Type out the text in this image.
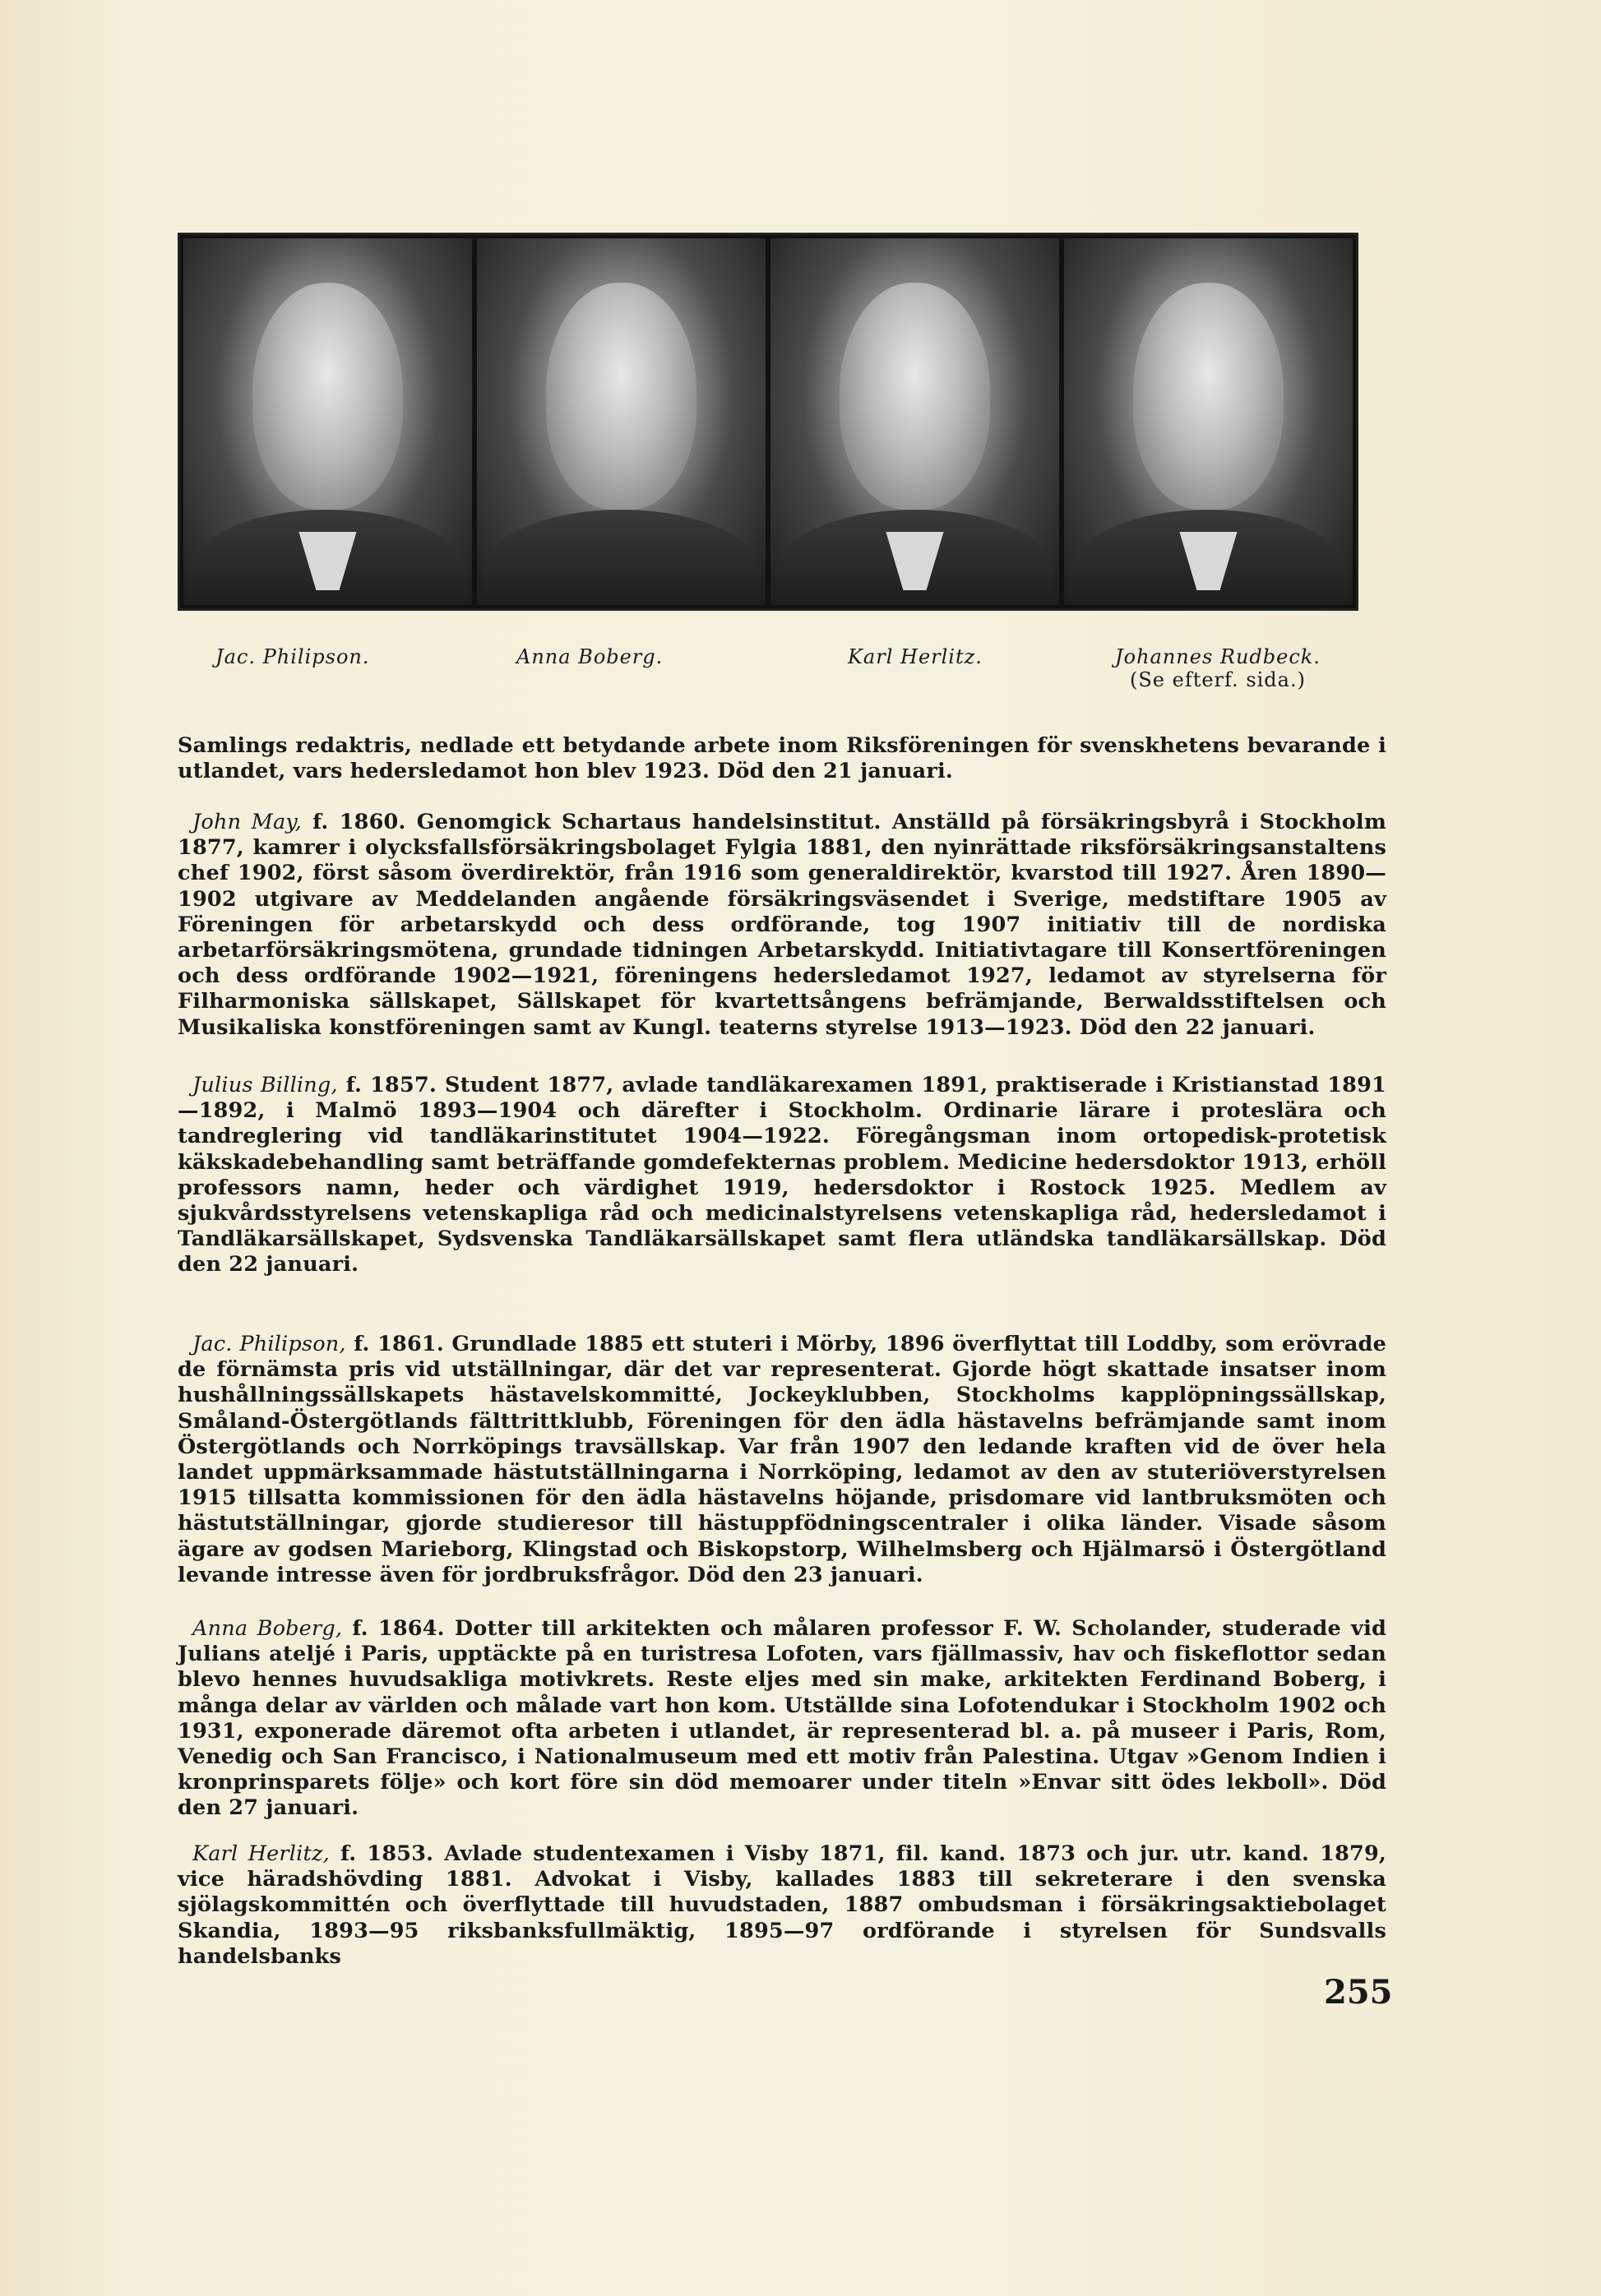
Jac. Philipson.	Anna Boberg.	Karl Herlitz.	Johannes Rudbeck.
(Se efterf. sida.)
Samlings redaktris, nedlade ett betydande arbete inom Riksföreningen för svenskhetens bevarande i utlandet, vars hedersledamot hon blev 1923. Död den 21 januari.
John May, f. 1860. Genomgick Schartaus handelsinstitut. Anställd på försäkringsbyrå i Stockholm 1877, kamrer i olycksfallsförsäkringsbolaget Fylgia 1881, den nyinrättade riksförsäkringsanstaltens chef 1902, först såsom överdirektör, från 1916 som generaldirektör, kvarstod till 1927. Åren 1890—1902 utgivare av Meddelanden angående försäkringsväsendet i Sverige, medstiftare 1905 av Föreningen för arbetarskydd och dess ordförande, tog 1907 initiativ till de nordiska arbetarförsäkringsmötena, grundade tidningen Arbetarskydd. Initiativtagare till Konsertföreningen och dess ordförande 1902—1921, föreningens hedersledamot 1927, ledamot av styrelserna för Filharmoniska sällskapet, Sällskapet för kvartettsångens befrämjande, Berwaldsstiftelsen och Musikaliska konstföreningen samt av Kungl. teaterns styrelse 1913—1923. Död den 22 januari.
Julius Billing, f. 1857. Student 1877, avlade tandläkarexamen 1891, praktiserade i Kristianstad 1891—1892, i Malmö 1893—1904 och därefter i Stockholm. Ordinarie lärare i proteslära och tandreglering vid tandläkarinstitutet 1904—1922. Föregångsman inom ortopedisk-protetisk käkskadebehandling samt beträffande gomdefekternas problem. Medicine hedersdoktor 1913, erhöll professors namn, heder och värdighet 1919, hedersdoktor i Rostock 1925. Medlem av sjukvårdsstyrelsens vetenskapliga råd och medicinalstyrelsens vetenskapliga råd, hedersledamot i Tandläkarsällskapet, Sydsvenska Tandläkarsällskapet samt flera utländska tandläkarsällskap. Död den 22 januari.
Jac. Philipson, f. 1861. Grundlade 1885 ett stuteri i Mörby, 1896 överflyttat till Loddby, som erövrade de förnämsta pris vid utställningar, där det var representerat. Gjorde högt skattade insatser inom hushållningssällskapets hästavelskommitté, Jockeyklubben, Stockholms kapplöpningssällskap, Småland-Östergötlands fälttrittklubb, Föreningen för den ädla hästavelns befrämjande samt inom Östergötlands och Norrköpings travsällskap. Var från 1907 den ledande kraften vid de över hela landet uppmärksammade hästutställningarna i Norrköping, ledamot av den av stuteriöverstyrelsen 1915 tillsatta kommissionen för den ädla hästavelns höjande, prisdomare vid lantbruksmöten och hästutställningar, gjorde studieresor till hästuppfödningscentraler i olika länder. Visade såsom ägare av godsen Marieborg, Klingstad och Biskopstorp, Wilhelmsberg och Hjälmarsö i Östergötland levande intresse även för jordbruksfrågor. Död den 23 januari.
Anna Boberg, f. 1864. Dotter till arkitekten och målaren professor F. W. Scholander, studerade vid Julians ateljé i Paris, upptäckte på en turistresa Lofoten, vars fjällmassiv, hav och fiskeflottor sedan blevo hennes huvudsakliga motivkrets. Reste eljes med sin make, arkitekten Ferdinand Boberg, i många delar av världen och målade vart hon kom. Utställde sina Lofotendukar i Stockholm 1902 och 1931, exponerade däremot ofta arbeten i utlandet, är representerad bl. a. på museer i Paris, Rom, Venedig och San Francisco, i Nationalmuseum med ett motiv från Palestina. Utgav »Genom Indien i kronprinsparets följe» och kort före sin död memoarer under titeln »Envar sitt ödes lekboll». Död den 27 januari.
Karl Herlitz, f. 1853. Avlade studentexamen i Visby 1871, fil. kand. 1873 och jur. utr. kand. 1879, vice häradshövding 1881. Advokat i Visby, kallades 1883 till sekreterare i den svenska sjölagskommittén och överflyttade till huvudstaden, 1887 ombudsman i försäkringsaktiebolaget Skandia, 1893—95 riksbanksfullmäktig, 1895—97 ordförande i styrelsen för Sundsvalls handelsbanks
255
